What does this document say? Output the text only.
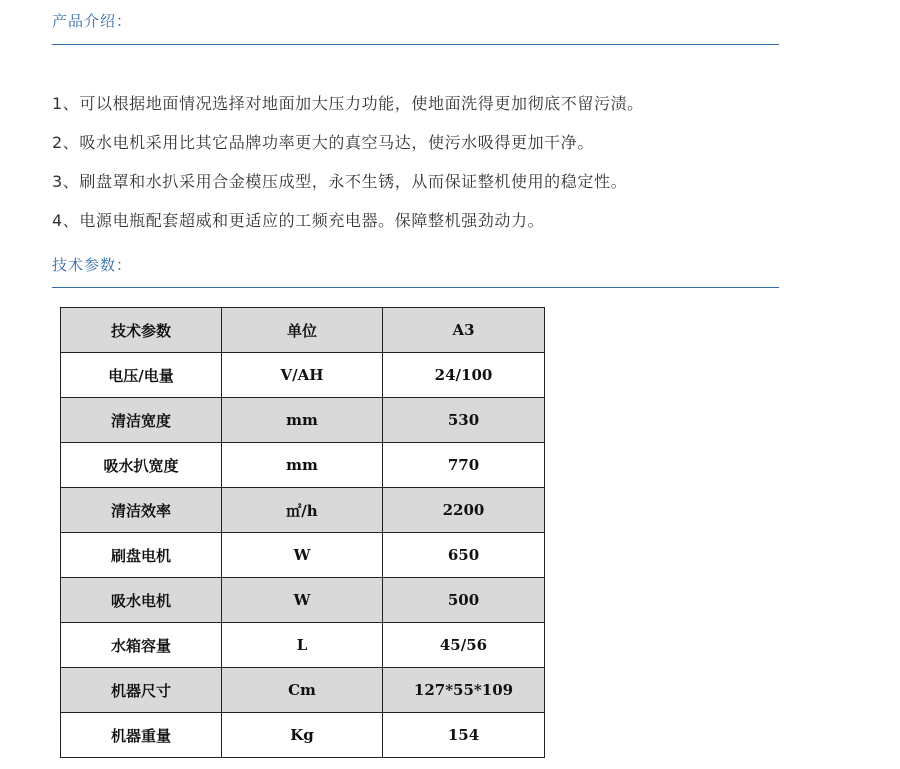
产品介绍：
1、可以根据地面情况选择对地面加大压力功能，使地面洗得更加彻底不留污渍。
2、吸水电机采用比其它品牌功率更大的真空马达，使污水吸得更加干净。
3、刷盘罩和水扒采用合金模压成型，永不生锈，从而保证整机使用的稳定性。
4、电源电瓶配套超威和更适应的工频充电器。保障整机强劲动力。
技术参数：
技术参数	单位	A3
电压/电量	V/AH	24/100
清洁宽度	mm	530
吸水扒宽度	mm	770
清洁效率	㎡/h	2200
刷盘电机	W	650
吸水电机	W	500
水箱容量	L	45/56
机器尺寸	Cm	127*55*109
机器重量	Kg	154
